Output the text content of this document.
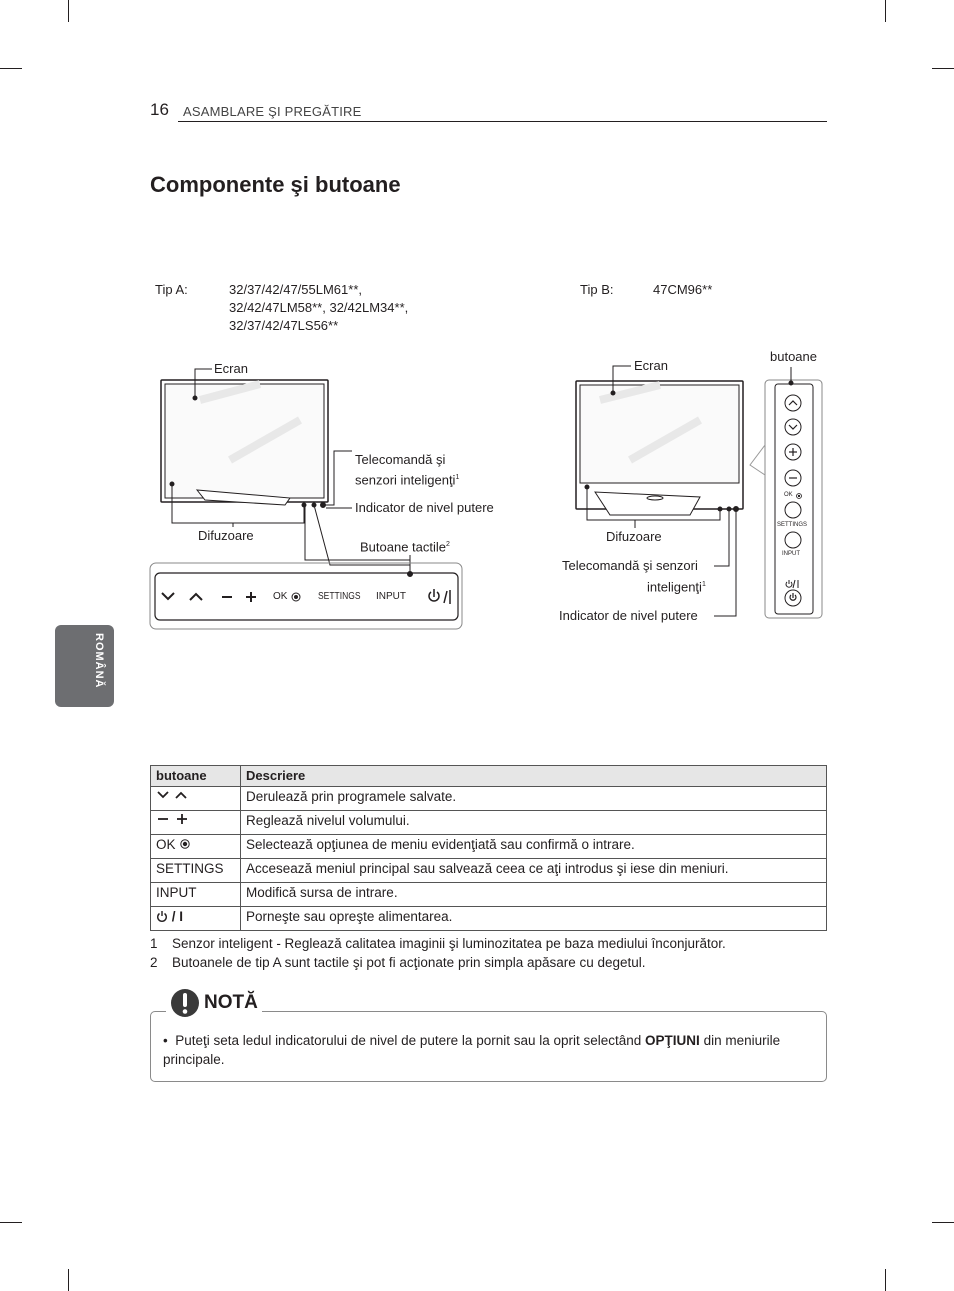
16 ASAMBLARE ŞI PREGĂTIRE
Componente şi butoane
Tip A:	32/37/42/47/55LM61**,
32/42/47LM58**, 32/42LM34**,
32/37/42/47LS56**
Tip B:	47CM96**
Ecran
Telecomandă şi
senzori inteligenţi$^1$
Indicator de nivel putere
Difuzoare
Butoane tactile$^2$
OK	SETTINGS INPUT
Ecran
butoane
Difuzoare
Telecomandă şi senzori
inteligenţi$^1$
Indicator de nivel putere
OK
SETTINGS
INPUT
ROMÂNĂ
butoane	Descriere
	Derulează prin programele salvate.
	Reglează nivelul volumului.
OK	Selectează opţiunea de meniu evidenţiată sau confirmă o intrare.
SETTINGS	Accesează meniul principal sau salvează ceea ce aţi introdus şi iese din meniuri.
INPUT	Modifică sursa de intrare.
/ I	Porneşte sau opreşte alimentarea.
1 Senzor inteligent - Reglează calitatea imaginii şi luminozitatea pe baza mediului înconjurător.
2 Butoanele de tip A sunt tactile şi pot fi acţionate prin simpla apăsare cu degetul.
NOTĂ
• Puteţi seta ledul indicatorului de nivel de putere la pornit sau la oprit selectând OPŢIUNI din meniurile principale.
